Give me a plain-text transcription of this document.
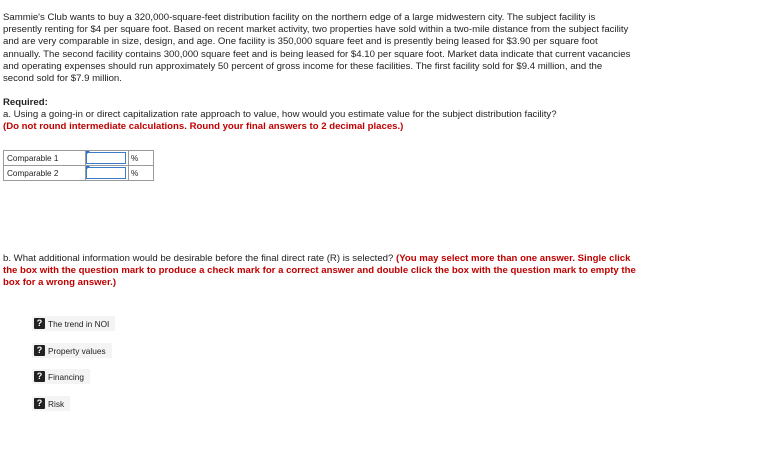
Sammie's Club wants to buy a 320,000-square-feet distribution facility on the northern edge of a large midwestern city. The subject facility is presently renting for $4 per square foot. Based on recent market activity, two properties have sold within a two-mile distance from the subject facility and are very comparable in size, design, and age. One facility is 350,000 square feet and is presently being leased for $3.90 per square foot annually. The second facility contains 300,000 square feet and is being leased for $4.10 per square foot. Market data indicate that current vacancies and operating expenses should run approximately 50 percent of gross income for these facilities. The first facility sold for $9.4 million, and the second sold for $7.9 million.

Required:

a. Using a going-in or direct capitalization rate approach to value, how would you estimate value for the subject distribution facility?
(Do not round intermediate calculations. Round your final answers to 2 decimal places.)

Comparable 1		%
Comparable 2		%

b. What additional information would be desirable before the final direct rate (R) is selected? (You may select more than one answer. Single click the box with the question mark to produce a check mark for a correct answer and double click the box with the question mark to empty the box for a wrong answer.)

? The trend in NOI
? Property values
? Financing
? Risk
